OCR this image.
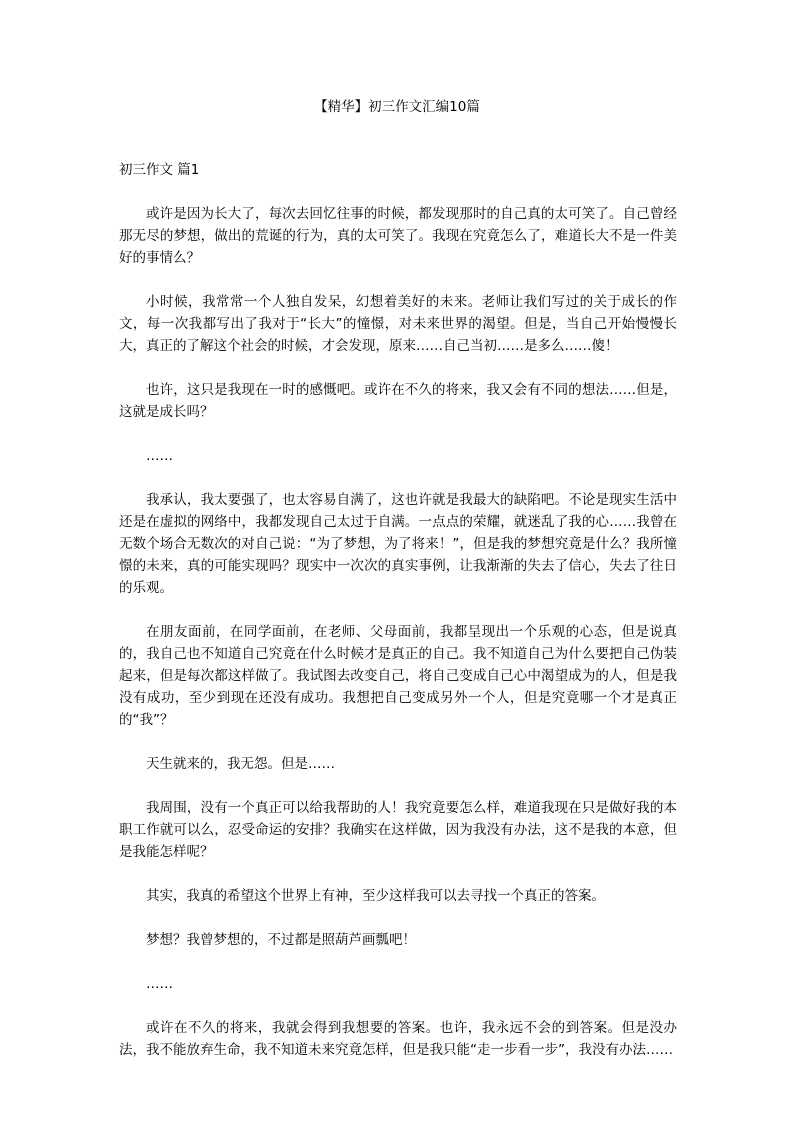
【精华】初三作文汇编10篇
初三作文 篇1

或许是因为长大了，每次去回忆往事的时候，都发现那时的自己真的太可笑了。自己曾经那无尽的梦想，做出的荒诞的行为，真的太可笑了。我现在究竟怎么了，难道长大不是一件美好的事情么？

小时候，我常常一个人独自发呆，幻想着美好的未来。老师让我们写过的关于成长的作文，每一次我都写出了我对于“长大”的憧憬，对未来世界的渴望。但是，当自己开始慢慢长大，真正的了解这个社会的时候，才会发现，原来……自己当初……是多么……傻！

也许，这只是我现在一时的感慨吧。或许在不久的将来，我又会有不同的想法……但是，这就是成长吗？

……

我承认，我太要强了，也太容易自满了，这也许就是我最大的缺陷吧。不论是现实生活中还是在虚拟的网络中，我都发现自己太过于自满。一点点的荣耀，就迷乱了我的心……我曾在无数个场合无数次的对自己说：“为了梦想，为了将来！”，但是我的梦想究竟是什么？我所憧憬的未来，真的可能实现吗？现实中一次次的真实事例，让我渐渐的失去了信心，失去了往日的乐观。

在朋友面前，在同学面前，在老师、父母面前，我都呈现出一个乐观的心态，但是说真的，我自己也不知道自己究竟在什么时候才是真正的自己。我不知道自己为什么要把自己伪装起来，但是每次都这样做了。我试图去改变自己，将自己变成自己心中渴望成为的人，但是我没有成功，至少到现在还没有成功。我想把自己变成另外一个人，但是究竟哪一个才是真正的“我”？

天生就来的，我无怨。但是……

我周围，没有一个真正可以给我帮助的人！我究竟要怎么样，难道我现在只是做好我的本职工作就可以么，忍受命运的安排？我确实在这样做，因为我没有办法，这不是我的本意，但是我能怎样呢？

其实，我真的希望这个世界上有神，至少这样我可以去寻找一个真正的答案。

梦想？我曾梦想的，不过都是照葫芦画瓢吧！

……

或许在不久的将来，我就会得到我想要的答案。也许，我永远不会的到答案。但是没办法，我不能放弃生命，我不知道未来究竟怎样，但是我只能“走一步看一步”，我没有办法……
